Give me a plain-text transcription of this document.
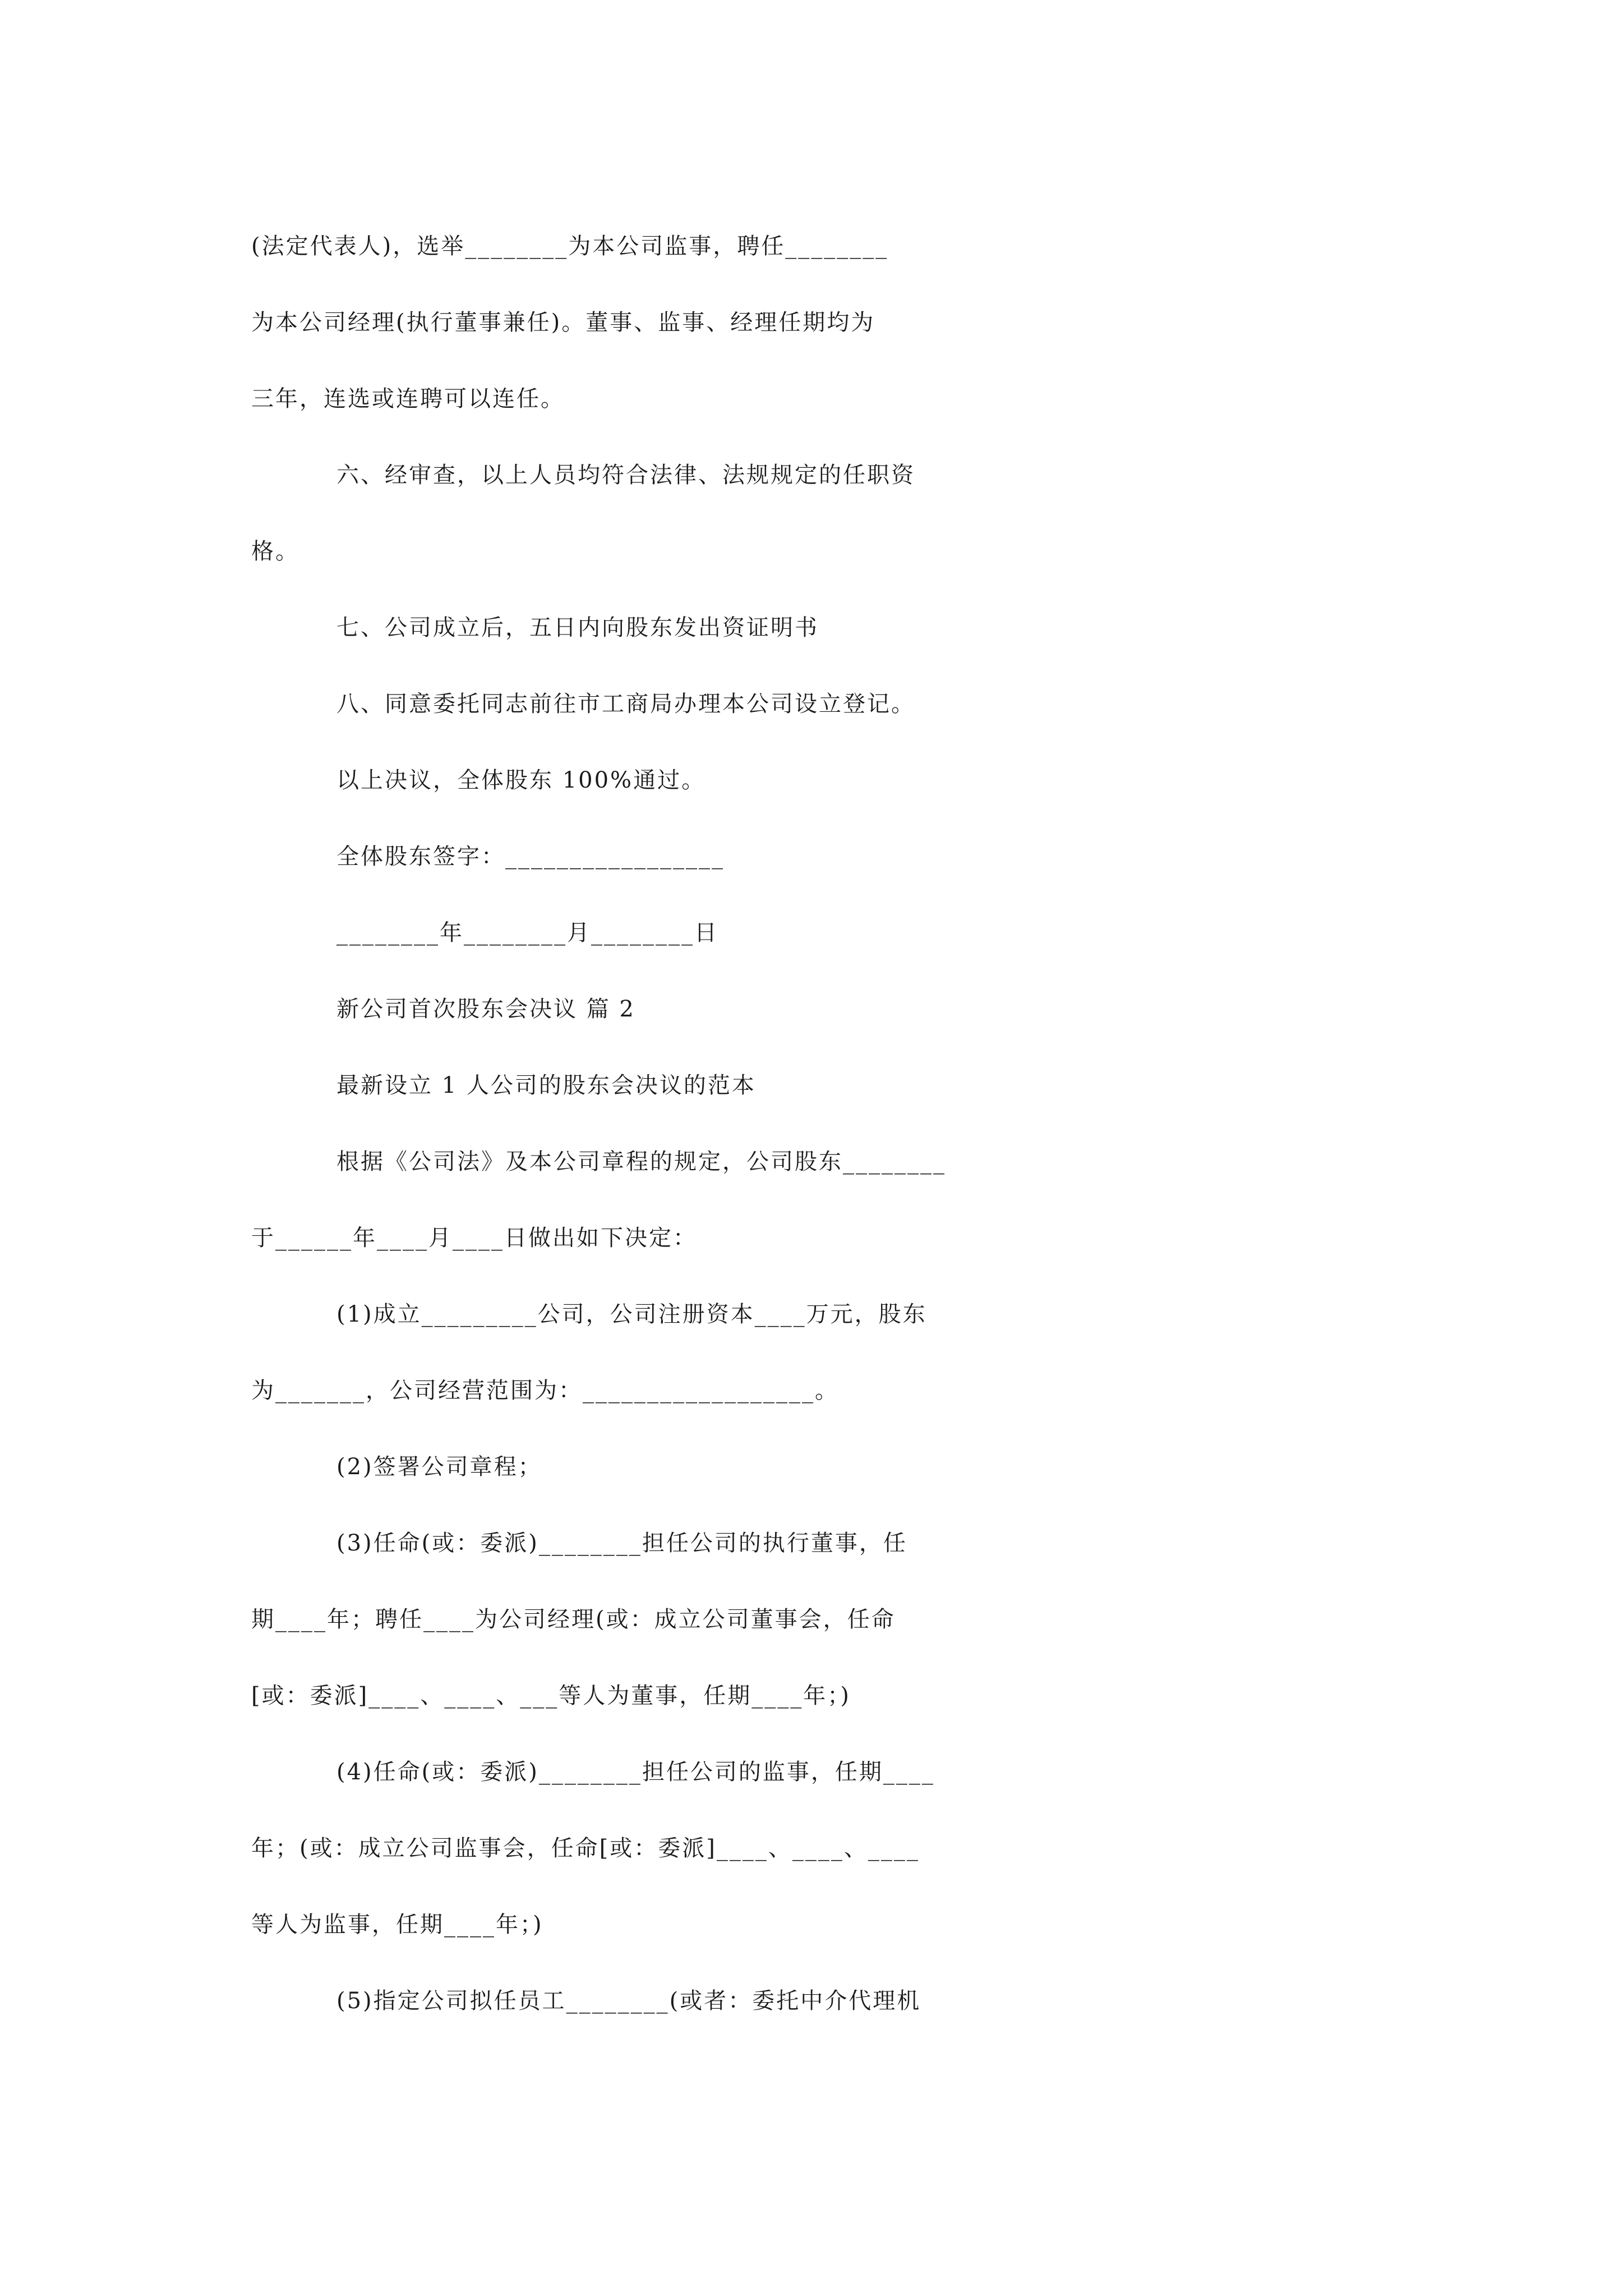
(法定代表人)，选举________为本公司监事，聘任________
为本公司经理(执行董事兼任)。董事、监事、经理任期均为
三年，连选或连聘可以连任。
六、经审查，以上人员均符合法律、法规规定的任职资
格。
七、公司成立后，五日内向股东发出资证明书
八、同意委托同志前往市工商局办理本公司设立登记。
以上决议，全体股东 100%通过。
全体股东签字：_________________
________年________月________日
新公司首次股东会决议 篇 2
最新设立 1 人公司的股东会决议的范本
根据《公司法》及本公司章程的规定，公司股东________
于______年____月____日做出如下决定：
(1)成立_________公司，公司注册资本____万元，股东
为_______，公司经营范围为：__________________。
(2)签署公司章程；
(3)任命(或：委派)________担任公司的执行董事，任
期____年；聘任____为公司经理(或：成立公司董事会，任命
[或：委派]____、____、___等人为董事，任期____年；)
(4)任命(或：委派)________担任公司的监事，任期____
年；(或：成立公司监事会，任命[或：委派]____、____、____
等人为监事，任期____年；)
(5)指定公司拟任员工________(或者：委托中介代理机
